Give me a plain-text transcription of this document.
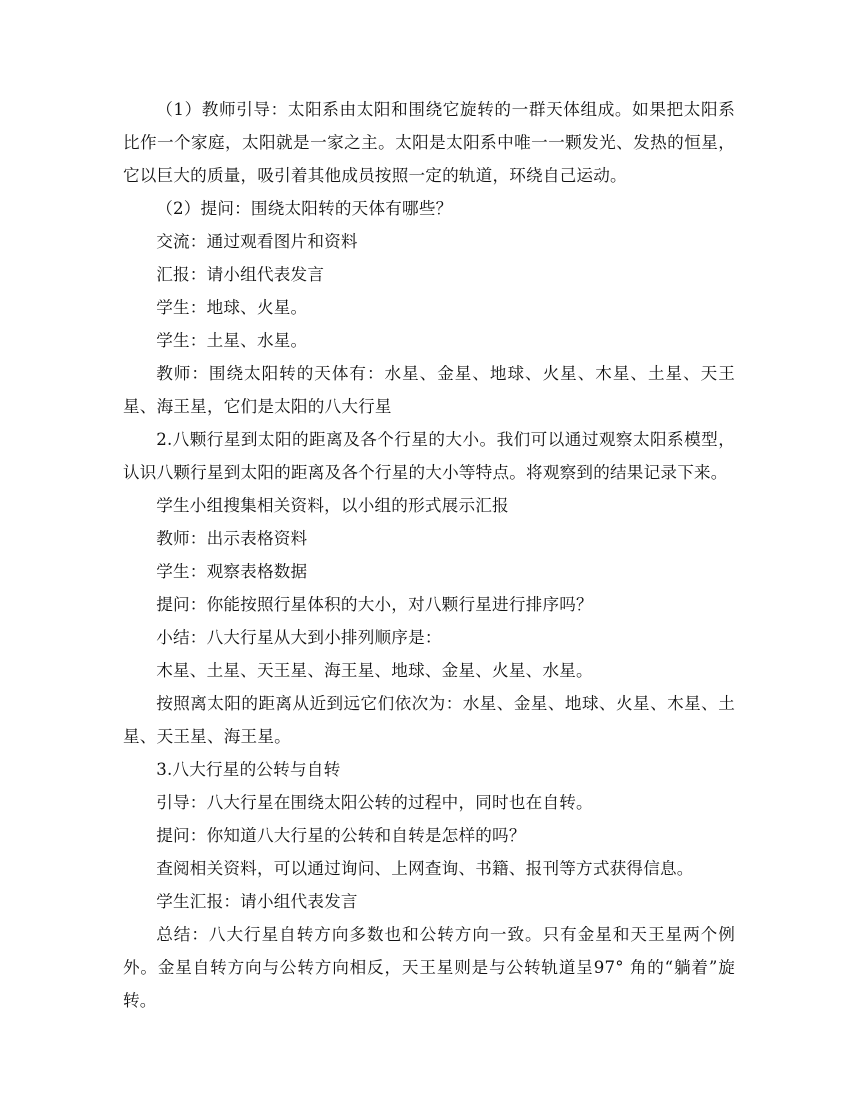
（1）教师引导：太阳系由太阳和围绕它旋转的一群天体组成。如果把太阳系比作一个家庭，太阳就是一家之主。太阳是太阳系中唯一一颗发光、发热的恒星，它以巨大的质量，吸引着其他成员按照一定的轨道，环绕自己运动。

（2）提问：围绕太阳转的天体有哪些？

交流：通过观看图片和资料

汇报：请小组代表发言

学生：地球、火星。

学生：土星、水星。

教师：围绕太阳转的天体有：水星、金星、地球、火星、木星、土星、天王星、海王星，它们是太阳的八大行星

2.八颗行星到太阳的距离及各个行星的大小。我们可以通过观察太阳系模型，认识八颗行星到太阳的距离及各个行星的大小等特点。将观察到的结果记录下来。

学生小组搜集相关资料，以小组的形式展示汇报

教师：出示表格资料

学生：观察表格数据

提问：你能按照行星体积的大小，对八颗行星进行排序吗？

小结：八大行星从大到小排列顺序是：

木星、土星、天王星、海王星、地球、金星、火星、水星。

按照离太阳的距离从近到远它们依次为：水星、金星、地球、火星、木星、土星、天王星、海王星。

3.八大行星的公转与自转

引导：八大行星在围绕太阳公转的过程中，同时也在自转。

提问：你知道八大行星的公转和自转是怎样的吗？

查阅相关资料，可以通过询问、上网查询、书籍、报刊等方式获得信息。

学生汇报：请小组代表发言

总结：八大行星自转方向多数也和公转方向一致。只有金星和天王星两个例外。金星自转方向与公转方向相反，天王星则是与公转轨道呈97° 角的“躺着”旋转。
